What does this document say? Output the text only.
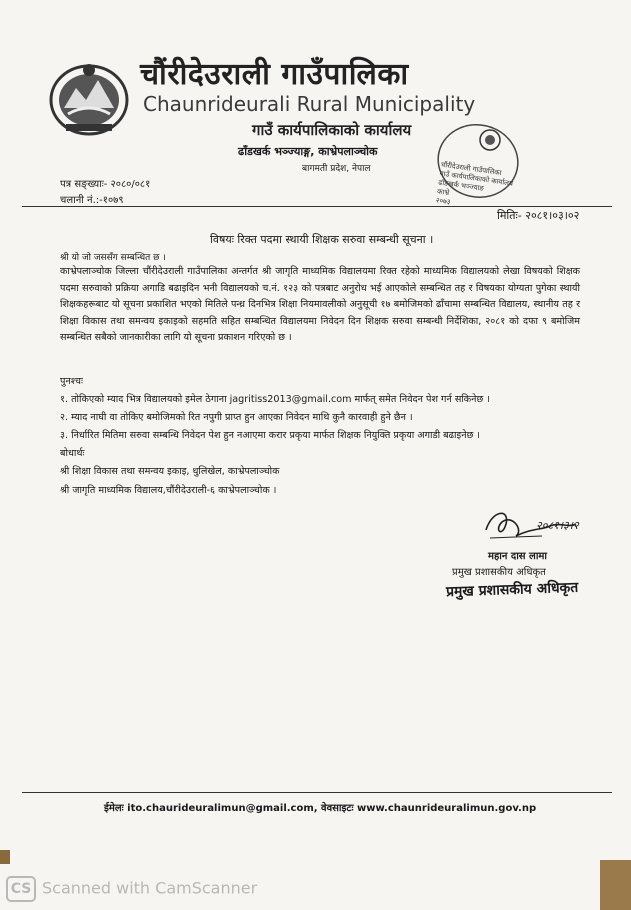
चौंरीदेउराली गाउँपालिका
Chaunrideurali Rural Municipality
गाउँ कार्यपालिकाको कार्यालय
ढाँडखर्क भञ्ज्याङ्ग, काभ्रेपलाञ्चोक
बागमती प्रदेश, नेपाल	चौंरीदेउराली गाउँपालिका
गाउँ कार्यपालिकाको कार्यालय
ढाँडखर्क भञ्ज्याङ
काभ्रे
२०७३
पत्र सङ्ख्याः- २०८०/०८१
चलानी नं.:-१०७९
मितिः- २०८१।०३।०२
विषयः रिक्त पदमा स्थायी शिक्षक सरुवा सम्बन्धी सूचना ।
श्री यो जो जससँग सम्बन्धित छ ।
काभ्रेपलाञ्चोक जिल्ला चौंरीदेउराली गाउँपालिका अन्तर्गत श्री जागृति माध्यमिक विद्यालयमा रिक्त रहेको माध्यमिक विद्यालयको लेखा विषयको शिक्षक पदमा सरुवाको प्रक्रिया अगाडि बढाइदिन भनी विद्यालयको च.नं. १२३ को पत्रबाट अनुरोध भई आएकोले सम्बन्धित तह र विषयका योग्यता पुगेका स्थायी शिक्षकहरूबाट यो सूचना प्रकाशित भएको मितिले पन्ध्र दिनभित्र शिक्षा नियमावलीको अनुसूची १७ बमोजिमको ढाँचामा सम्बन्धित विद्यालय, स्थानीय तह र शिक्षा विकास तथा समन्वय इकाइको सहमति सहित सम्बन्धित विद्यालयमा निवेदन दिन शिक्षक सरुवा सम्बन्धी निर्देशिका, २०८१ को दफा ९ बमोजिम सम्बन्धित सबैको जानकारीका लागि यो सूचना प्रकाशन गरिएको छ ।
पुनश्चः
१. तोकिएको म्याद भित्र विद्यालयको इमेल ठेगाना jagritiss2013@gmail.com मार्फत् समेत निवेदन पेश गर्न सकिनेछ ।
२. म्याद नाघी वा तोकिए बमोजिमको रित नपुगी प्राप्त हुन आएका निवेदन माथि कुनै कारवाही हुने छैन ।
३. निर्धारित मितिमा सरुवा सम्बन्धि निवेदन पेश हुन नआएमा करार प्रकृया मार्फत शिक्षक नियुक्ति प्रकृया अगाडी बढाइनेछ ।
बोधार्थः
श्री शिक्षा विकास तथा समन्वय इकाइ, धुलिखेल, काभ्रेपलाञ्चोक
श्री जागृति माध्यमिक विद्यालय,चौंरीदेउराली-६ काभ्रेपलाञ्चोक ।
२०८१।३।२
महान दास लामा
प्रमुख प्रशासकीय अधिकृत
प्रमुख प्रशासकीय अधिकृत
ईमेलः ito.chaurideuralimun@gmail.com, वेवसाइटः www.chaunrideuralimun.gov.np
CS Scanned with CamScanner
